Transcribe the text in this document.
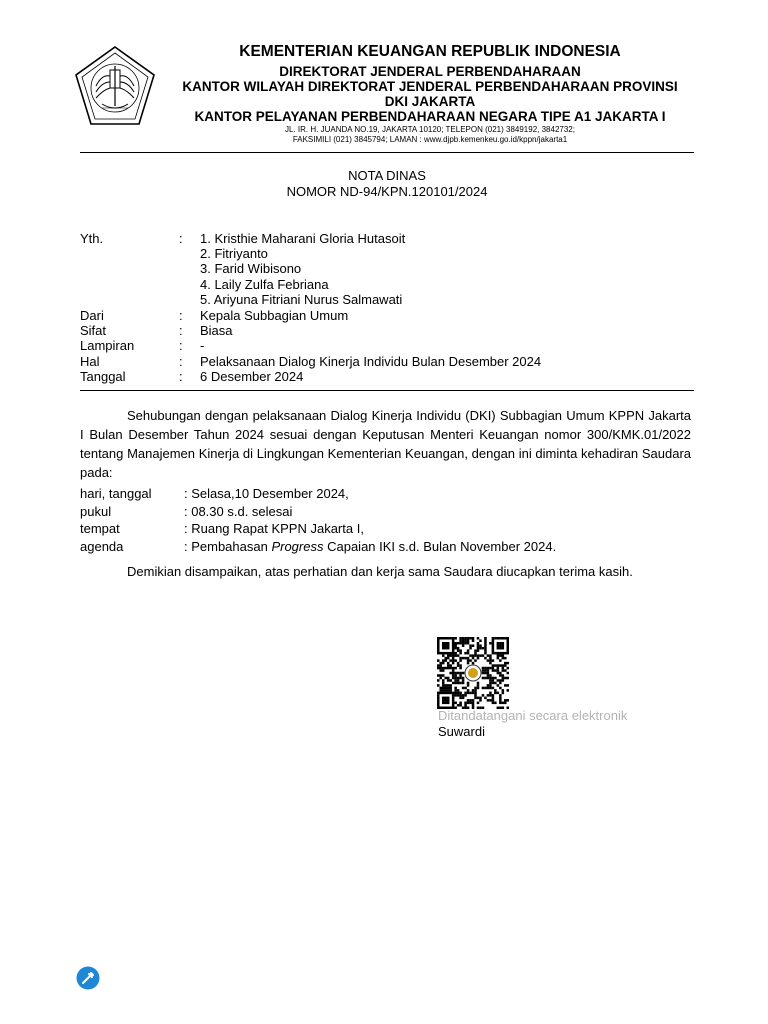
KEMENTERIAN KEUANGAN REPUBLIK INDONESIA
DIREKTORAT JENDERAL PERBENDAHARAAN
KANTOR WILAYAH DIREKTORAT JENDERAL PERBENDAHARAAN PROVINSI
DKI JAKARTA
KANTOR PELAYANAN PERBENDAHARAAN NEGARA TIPE A1 JAKARTA I
JL. IR. H. JUANDA NO.19, JAKARTA 10120; TELEPON (021) 3849192, 3842732;
FAKSIMILI (021) 3845794; LAMAN : www.djpb.kemenkeu.go.id/kppn/jakarta1
NOTA DINAS
NOMOR ND-94/KPN.120101/2024
Yth.	: 1. Kristhie Maharani Gloria Hutasoit
2. Fitriyanto
3. Farid Wibisono
4. Laily Zulfa Febriana
5. Ariyuna Fitriani Nurus Salmawati
Dari	: Kepala Subbagian Umum
Sifat	: Biasa
Lampiran	: -
Hal	: Pelaksanaan Dialog Kinerja Individu Bulan Desember 2024
Tanggal	: 6 Desember 2024
Sehubungan dengan pelaksanaan Dialog Kinerja Individu (DKI) Subbagian Umum KPPN Jakarta I Bulan Desember Tahun 2024 sesuai dengan Keputusan Menteri Keuangan nomor 300/KMK.01/2022 tentang Manajemen Kinerja di Lingkungan Kementerian Keuangan, dengan ini diminta kehadiran Saudara pada:
hari, tanggal : Selasa,10 Desember 2024,
pukul	: 08.30 s.d. selesai
tempat	: Ruang Rapat KPPN Jakarta I,
agenda	: Pembahasan Progress Capaian IKI s.d. Bulan November 2024.
Demikian disampaikan, atas perhatian dan kerja sama Saudara diucapkan terima kasih.
Ditandatangani secara elektronik
Suwardi
